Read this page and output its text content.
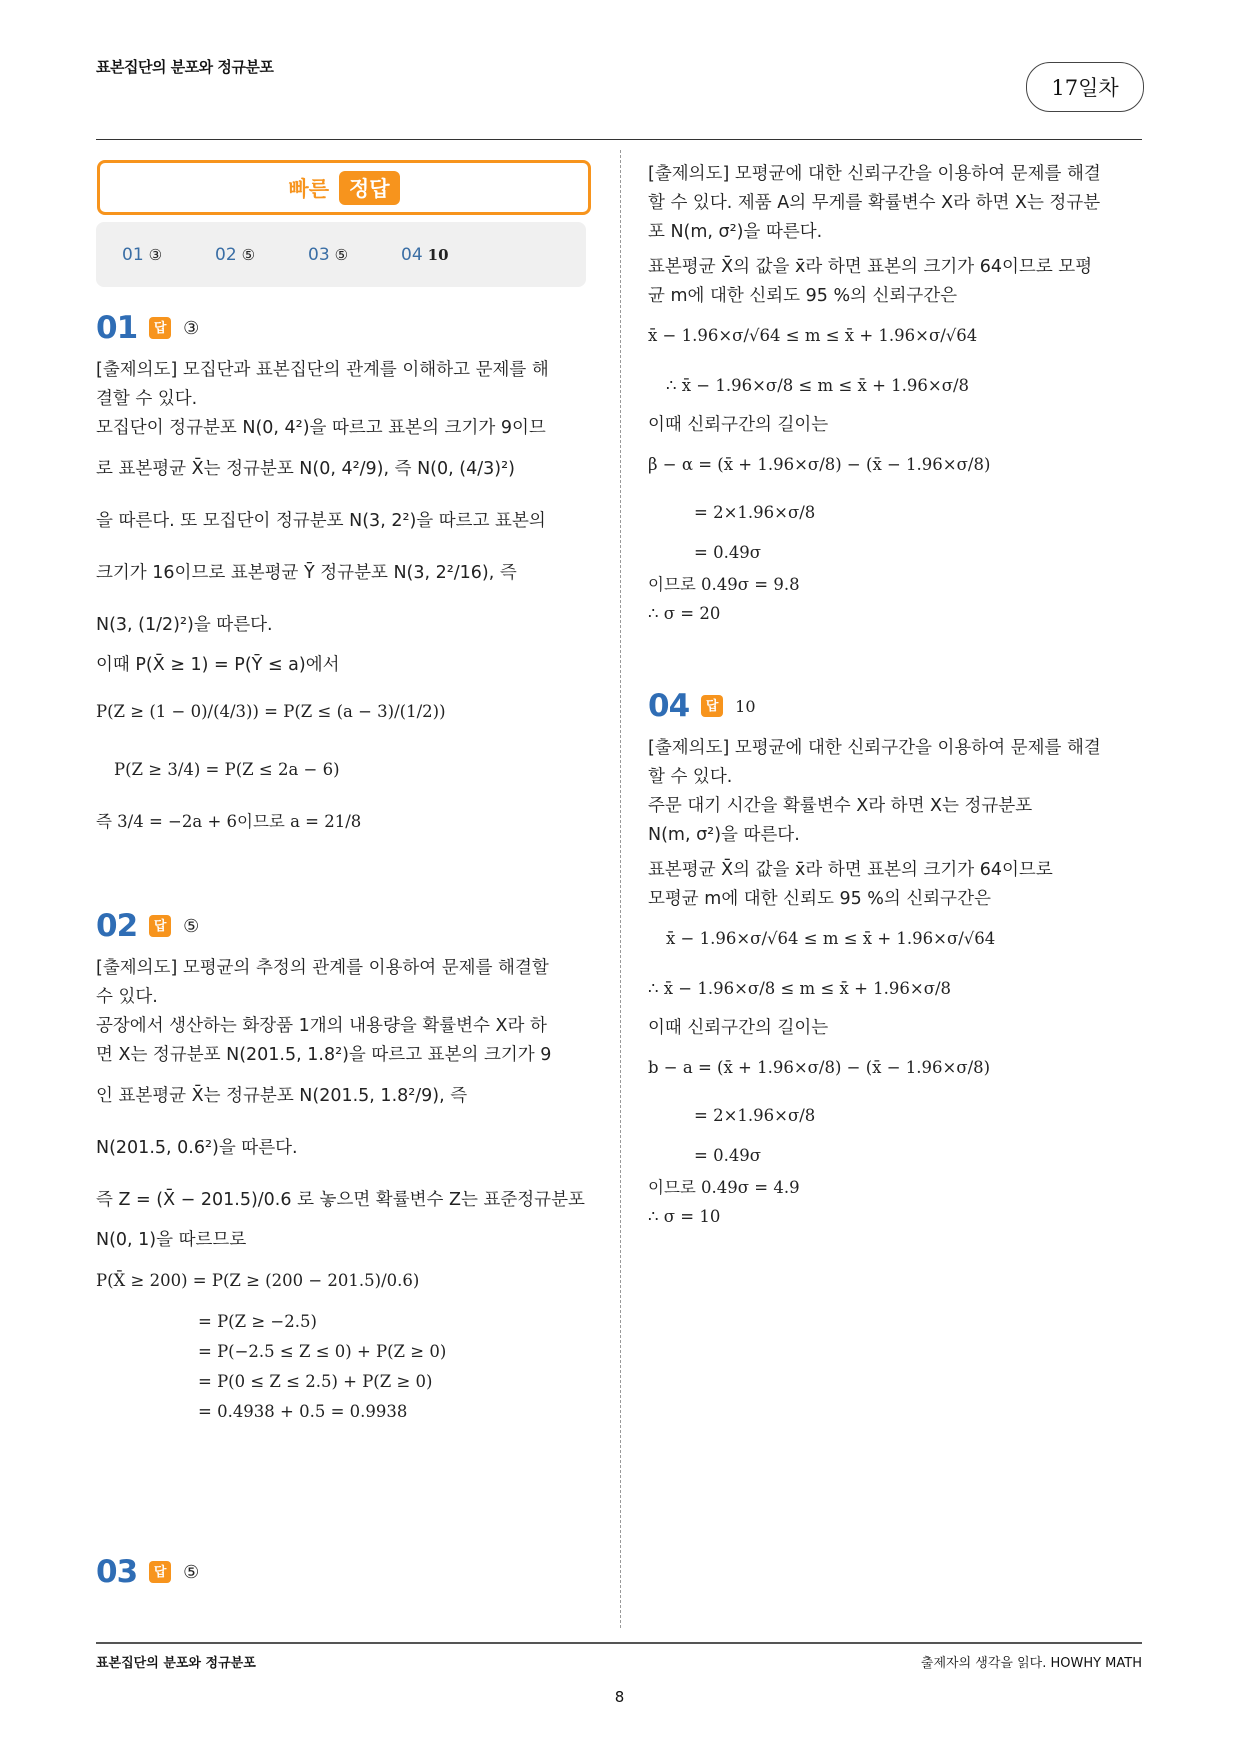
표본집단의 분포와 정규분포
17일차
빠른 정답
01 ③	02 ⑤	03 ⑤	04 10
01	답 ③
[출제의도] 모집단과 표본집단의 관계를 이해하고 문제를 해
결할 수 있다.
모집단이 정규분포 N(0, 4²)을 따르고 표본의 크기가 9이므
로 표본평균 X̄는 정규분포 N(0, 4²/9), 즉 N(0, (4/3)²)
을 따른다. 또 모집단이 정규분포 N(3, 2²)을 따르고 표본의
크기가 16이므로 표본평균 Ȳ 정규분포 N(3, 2²/16), 즉
N(3, (1/2)²)을 따른다.
이때 P(X̄ ≥ 1) = P(Ȳ ≤ a)에서
P(Z ≥ (1 − 0)/(4/3)) = P(Z ≤ (a − 3)/(1/2))
P(Z ≥ 3/4) = P(Z ≤ 2a − 6)
즉 3/4 = −2a + 6이므로 a = 21/8
02	답 ⑤
[출제의도] 모평균의 추정의 관계를 이용하여 문제를 해결할
수 있다.
공장에서 생산하는 화장품 1개의 내용량을 확률변수 X라 하
면 X는 정규분포 N(201.5, 1.8²)을 따르고 표본의 크기가 9
인 표본평균 X̄는 정규분포 N(201.5, 1.8²/9), 즉
N(201.5, 0.6²)을 따른다.
즉 Z = (X̄ − 201.5)/0.6 로 놓으면 확률변수 Z는 표준정규분포
N(0, 1)을 따르므로
P(X̄ ≥ 200) = P(Z ≥ (200 − 201.5)/0.6)
= P(Z ≥ −2.5)
= P(−2.5 ≤ Z ≤ 0) + P(Z ≥ 0)
= P(0 ≤ Z ≤ 2.5) + P(Z ≥ 0)
= 0.4938 + 0.5 = 0.9938
03	답 ⑤
[출제의도] 모평균에 대한 신뢰구간을 이용하여 문제를 해결
할 수 있다. 제품 A의 무게를 확률변수 X라 하면 X는 정규분
포 N(m, σ²)을 따른다.
표본평균 X̄의 값을 x̄라 하면 표본의 크기가 64이므로 모평
균 m에 대한 신뢰도 95 %의 신뢰구간은
x̄ − 1.96×σ/√64 ≤ m ≤ x̄ + 1.96×σ/√64
∴ x̄ − 1.96×σ/8 ≤ m ≤ x̄ + 1.96×σ/8
이때 신뢰구간의 길이는
β − α = (x̄ + 1.96×σ/8) − (x̄ − 1.96×σ/8)
= 2×1.96×σ/8
= 0.49σ
이므로 0.49σ = 9.8
∴ σ = 20
04	답 10
[출제의도] 모평균에 대한 신뢰구간을 이용하여 문제를 해결
할 수 있다.
주문 대기 시간을 확률변수 X라 하면 X는 정규분포
N(m, σ²)을 따른다.
표본평균 X̄의 값을 x̄라 하면 표본의 크기가 64이므로
모평균 m에 대한 신뢰도 95 %의 신뢰구간은
x̄ − 1.96×σ/√64 ≤ m ≤ x̄ + 1.96×σ/√64
∴ x̄ − 1.96×σ/8 ≤ m ≤ x̄ + 1.96×σ/8
이때 신뢰구간의 길이는
b − a = (x̄ + 1.96×σ/8) − (x̄ − 1.96×σ/8)
= 2×1.96×σ/8
= 0.49σ
이므로 0.49σ = 4.9
∴ σ = 10
표본집단의 분포와 정규분포	출제자의 생각을 읽다. HOWHY MATH
8
